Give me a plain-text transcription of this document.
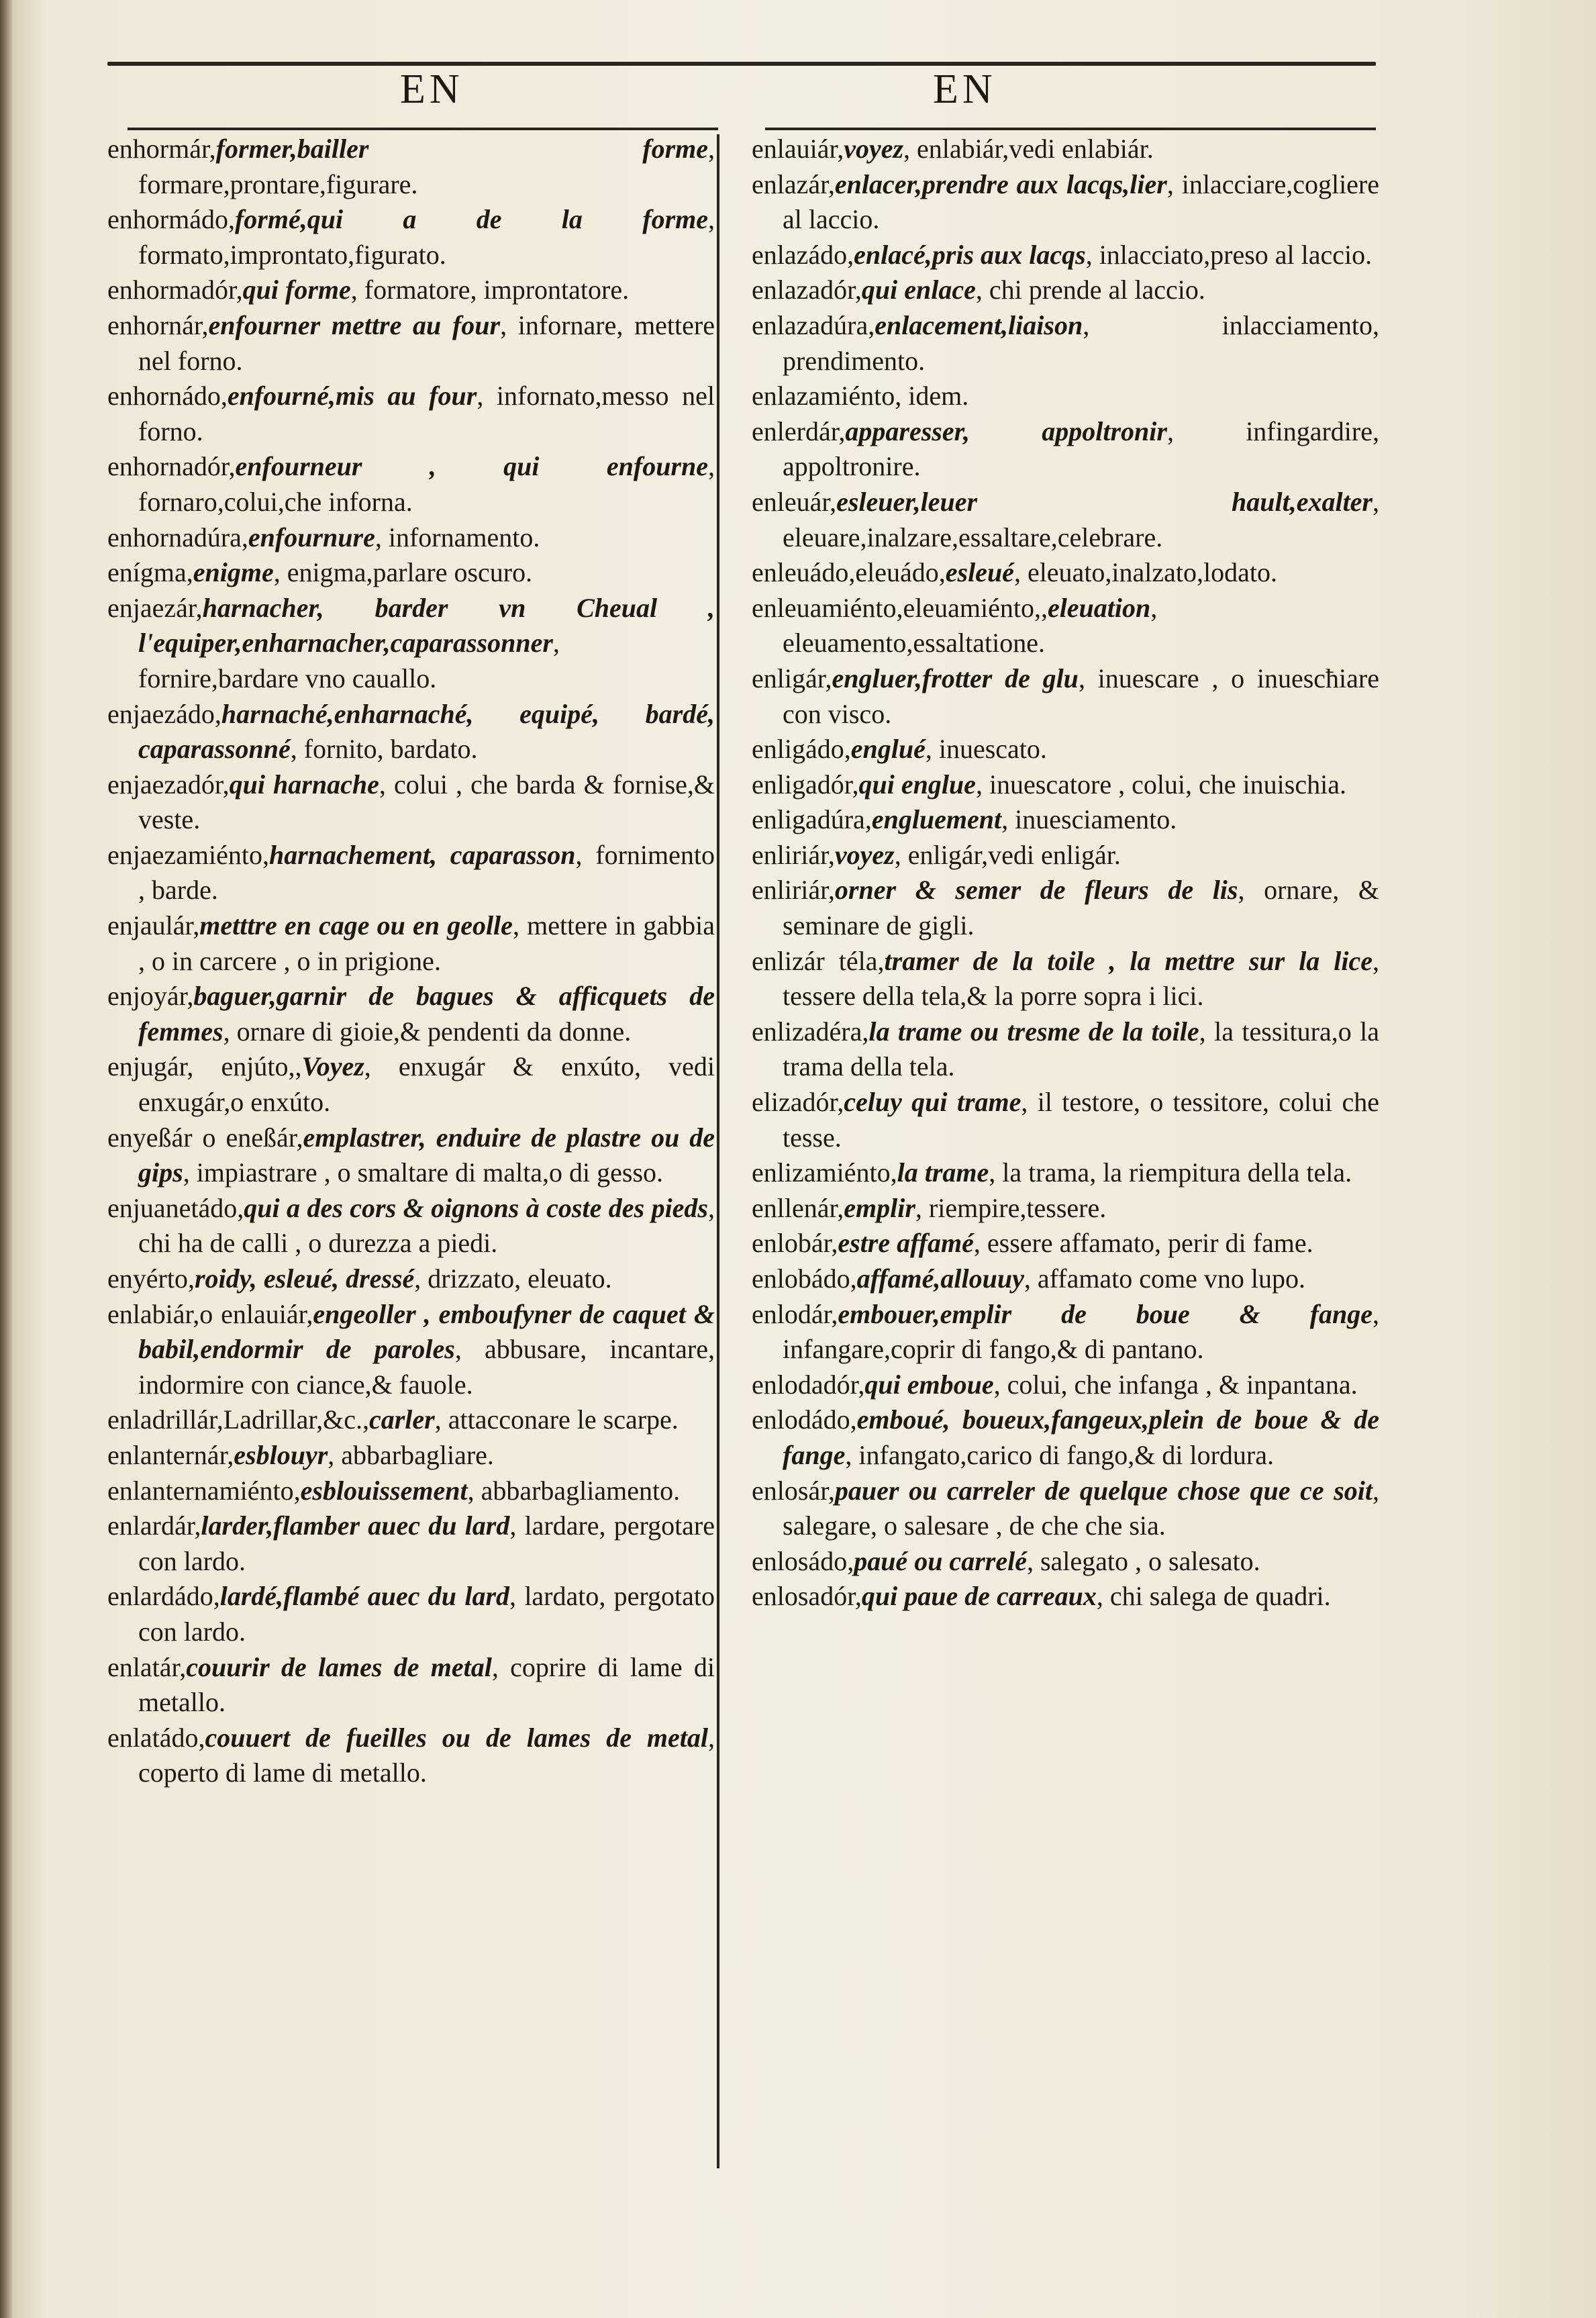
EN	EN

enhormár,former,bailler forme, formare,prontare,figurare.

enhormádo,formé,qui a de la forme, formato,improntato,figurato.

enhormadór,qui forme, formatore, improntatore.

enhornár,enfourner mettre au four, infornare, mettere nel forno.

enhornádo,enfourné,mis au four, infornato,messo nel forno.

enhornadór,enfourneur , qui enfourne, fornaro,colui,che inforna.

enhornadúra,enfournure, infornamento.

enígma,enigme, enigma,parlare oscuro.

enjaezár,harnacher, barder vn Cheual , l'equiper,enharnacher,caparassonner, fornire,bardare vno cauallo.

enjaezádo,harnaché,enharnaché, equipé, bardé, caparassonné, fornito, bardato.

enjaezadór,qui harnache, colui , che barda & fornise,& veste.

enjaezamiénto,harnachement, caparasson, fornimento , barde.

enjaulár,metttre en cage ou en geolle, mettere in gabbia , o in carcere , o in prigione.

enjoyár,baguer,garnir de bagues & afficquets de femmes, ornare di gioie,& pendenti da donne.

enjugár, enjúto,,Voyez, enxugár & enxúto, vedi enxugár,o enxúto.

enyeßár o eneßár,emplastrer, enduire de plastre ou de gips, impiastrare , o smaltare di malta,o di gesso.

enjuanetádo,qui a des cors & oignons à coste des pieds, chi ha de calli , o durezza a piedi.

enyérto,roidy, esleué, dressé, drizzato, eleuato.

enlabiár,o enlauiár,engeoller , emboufyner de caquet & babil,endormir de paroles, abbusare, incantare, indormire con ciance,& fauole.

enladrillár,Ladrillar,&c.,carler, attacconare le scarpe.

enlanternár,esblouyr, abbarbagliare.

enlanternamiénto,esblouissement, abbarbagliamento.

enlardár,larder,flamber auec du lard, lardare, pergotare con lardo.

enlardádo,lardé,flambé auec du lard, lardato, pergotato con lardo.

enlatár,couurir de lames de metal, coprire di lame di metallo.

enlatádo,couuert de fueilles ou de lames de metal, coperto di lame di metallo.

enlauiár,voyez, enlabiár,vedi enlabiár.

enlazár,enlacer,prendre aux lacqs,lier, inlacciare,cogliere al laccio.

enlazádo,enlacé,pris aux lacqs, inlacciato,preso al laccio.

enlazadór,qui enlace, chi prende al laccio.

enlazadúra,enlacement,liaison, inlacciamento, prendimento.

enlazamiénto, idem.

enlerdár,apparesser, appoltronir, infingardire, appoltronire.

enleuár,esleuer,leuer hault,exalter, eleuare,inalzare,essaltare,celebrare.

enleuádo,eleuádo,esleué, eleuato,inalzato,lodato.

enleuamiénto,eleuamiénto,,eleuation, eleuamento,essaltatione.

enligár,engluer,frotter de glu, inuescare , o inuescħiare con visco.

enligádo,englué, inuescato.

enligadór,qui englue, inuescatore , colui, che inuischia.

enligadúra,engluement, inuesciamento.

enliriár,voyez, enligár,vedi enligár.

enliriár,orner & semer de fleurs de lis, ornare, & seminare de gigli.

enlizár téla,tramer de la toile , la mettre sur la lice, tessere della tela,& la porre sopra i lici.

enlizadéra,la trame ou tresme de la toile, la tessitura,o la trama della tela.

elizadór,celuy qui trame, il testore, o tessitore, colui che tesse.

enlizamiénto,la trame, la trama, la riempitura della tela.

enllenár,emplir, riempire,tessere.

enlobár,estre affamé, essere affamato, perir di fame.

enlobádo,affamé,allouuy, affamato come vno lupo.

enlodár,embouer,emplir de boue & fange, infangare,coprir di fango,& di pantano.

enlodadór,qui emboue, colui, che infanga , & inpantana.

enlodádo,emboué, boueux,fangeux,plein de boue & de fange, infangato,carico di fango,& di lordura.

enlosár,pauer ou carreler de quelque chose que ce soit, salegare, o salesare , de che che sia.

enlosádo,paué ou carrelé, salegato , o salesato.

enlosadór,qui paue de carreaux, chi salega de quadri.
